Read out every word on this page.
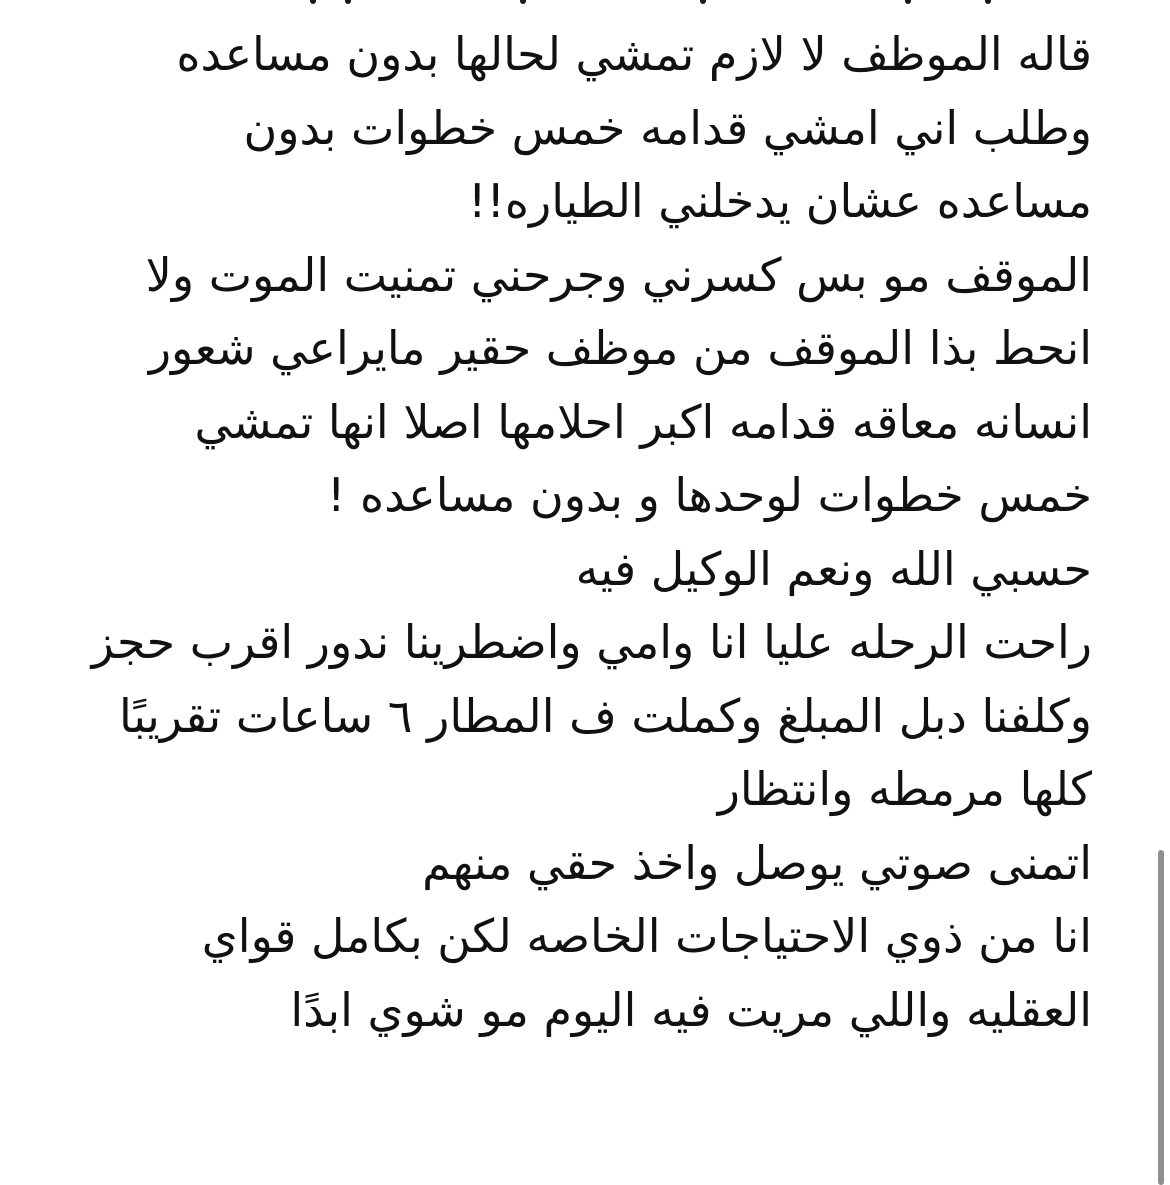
قاله الموظف لا لازم تمشي لحالها بدون مساعده
وطلب اني امشي قدامه خمس خطوات بدون
مساعده عشان يدخلني الطياره!!
الموقف مو بس كسرني وجرحني تمنيت الموت ولا
انحط بذا الموقف من موظف حقير مايراعي شعور
انسانه معاقه قدامه اكبر احلامها اصلا انها تمشي
خمس خطوات لوحدها و بدون مساعده !
حسبي الله ونعم الوكيل فيه
راحت الرحله عليا انا وامي واضطرينا ندور اقرب حجز
وكلفنا دبل المبلغ وكملت ف المطار ٦ ساعات تقريبًا
كلها مرمطه وانتظار
اتمنى صوتي يوصل واخذ حقي منهم
انا من ذوي الاحتياجات الخاصه لكن بكامل قواي
العقليه واللي مريت فيه اليوم مو شوي ابدًا
